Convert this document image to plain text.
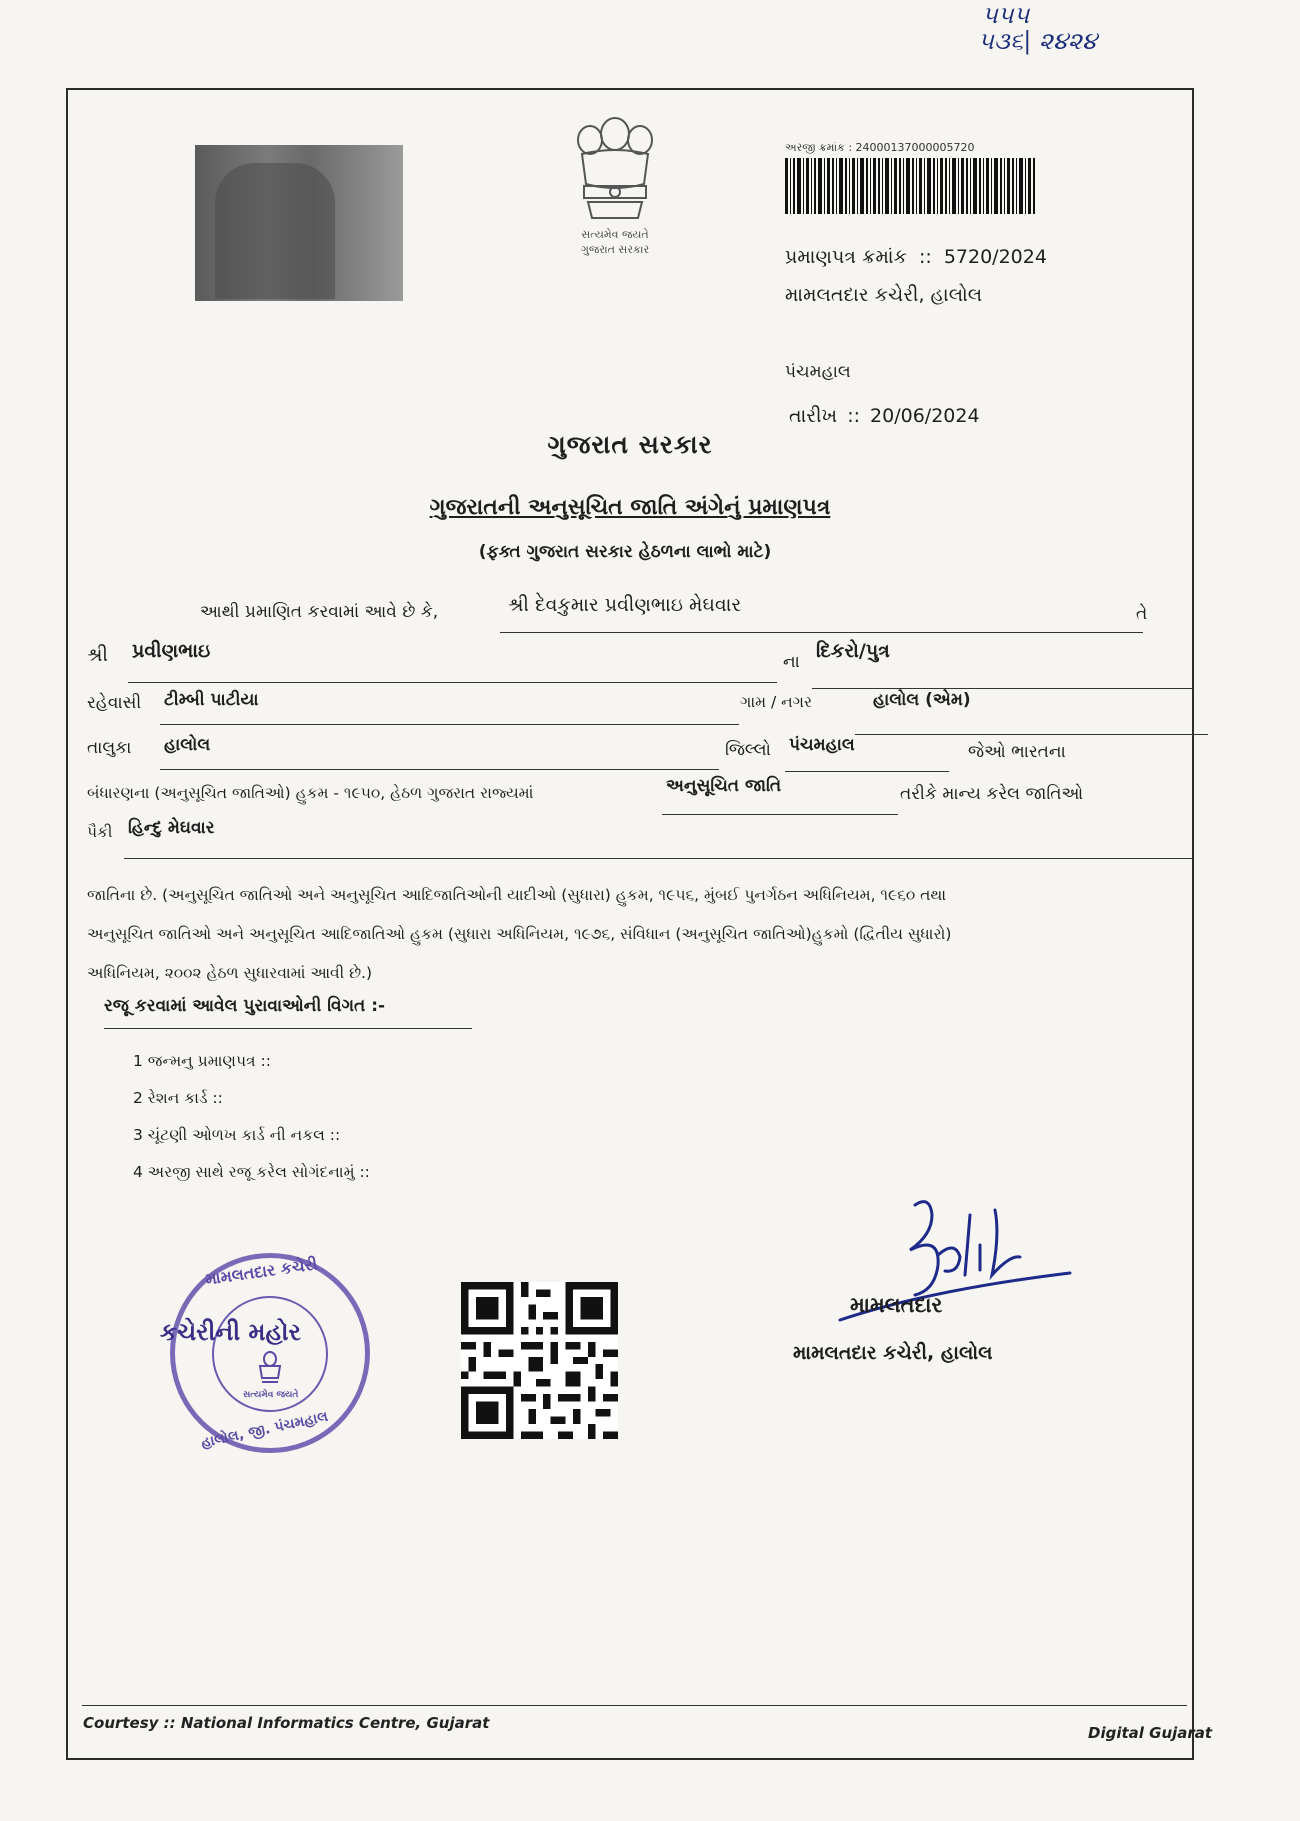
૫૫૫
૫૩૬| ૨૪૨૪
સત્યમેવ જયતે
ગુજરાત સરકાર
અરજી ક્રમાંક : 24000137000005720
પ્રમાણપત્ર ક્રમાંક :: 5720/2024
મામલતદાર કચેરી, હાલોલ
પંચમહાલ
તારીખ :: 20/06/2024
ગુજરાત સરકાર
ગુજરાતની અનુસૂચિત જાતિ અંગેનું પ્રમાણપત્ર
(ફક્ત ગુજરાત સરકાર હેઠળના લાભો માટે)
આથી પ્રમાણિત કરવામાં આવે છે કે,	શ્રી દેવકુમાર પ્રવીણભાઇ મેઘવાર	તે
શ્રી પ્રવીણભાઇ	ના દિકરો/પુત્ર
રહેવાસી ટીમ્બી પાટીયા	ગામ / નગર	હાલોલ (એમ)
તાલુકા હાલોલ	જિલ્લો પંચમહાલ	જેઓ ભારતના
બંધારણના (અનુસૂચિત જાતિઓ) હુકમ - ૧૯૫૦, હેઠળ ગુજરાત રાજ્યમાં	અનુસૂચિત જાતિ	તરીકે માન્ય કરેલ જાતિઓ
પૈકી હિન્દુ મેઘવાર
જાતિના છે. (અનુસૂચિત જાતિઓ અને અનુસૂચિત આદિજાતિઓની યાદીઓ (સુધારા) હુકમ, ૧૯૫૬, મુંબઈ પુનર્ગઠન અધિનિયમ, ૧૯૬૦ તથા
અનુસૂચિત જાતિઓ અને અનુસૂચિત આદિજાતિઓ હુકમ (સુધારા અધિનિયમ, ૧૯૭૬, સંવિધાન (અનુસૂચિત જાતિઓ)હુકમો (દ્વિતીય સુધારો)
અધિનિયમ, ૨૦૦૨ હેઠળ સુધારવામાં આવી છે.)
રજૂ કરવામાં આવેલ પુરાવાઓની વિગત :-
1 જન્મનુ પ્રમાણપત્ર ::
2 રેશન કાર્ડ ::
3 ચૂંટણી ઓળખ કાર્ડ ની નકલ ::
4 અરજી સાથે રજૂ કરેલ સોગંદનામું ::
મામલતદાર કચેરી
કચેરીની મહોર
સત્યમેવ જયતે
હાલોલ, જી. પંચમહાલ
મામલતદાર
મામલતદાર કચેરી, હાલોલ
Courtesy :: National Informatics Centre, Gujarat
Digital Gujarat
